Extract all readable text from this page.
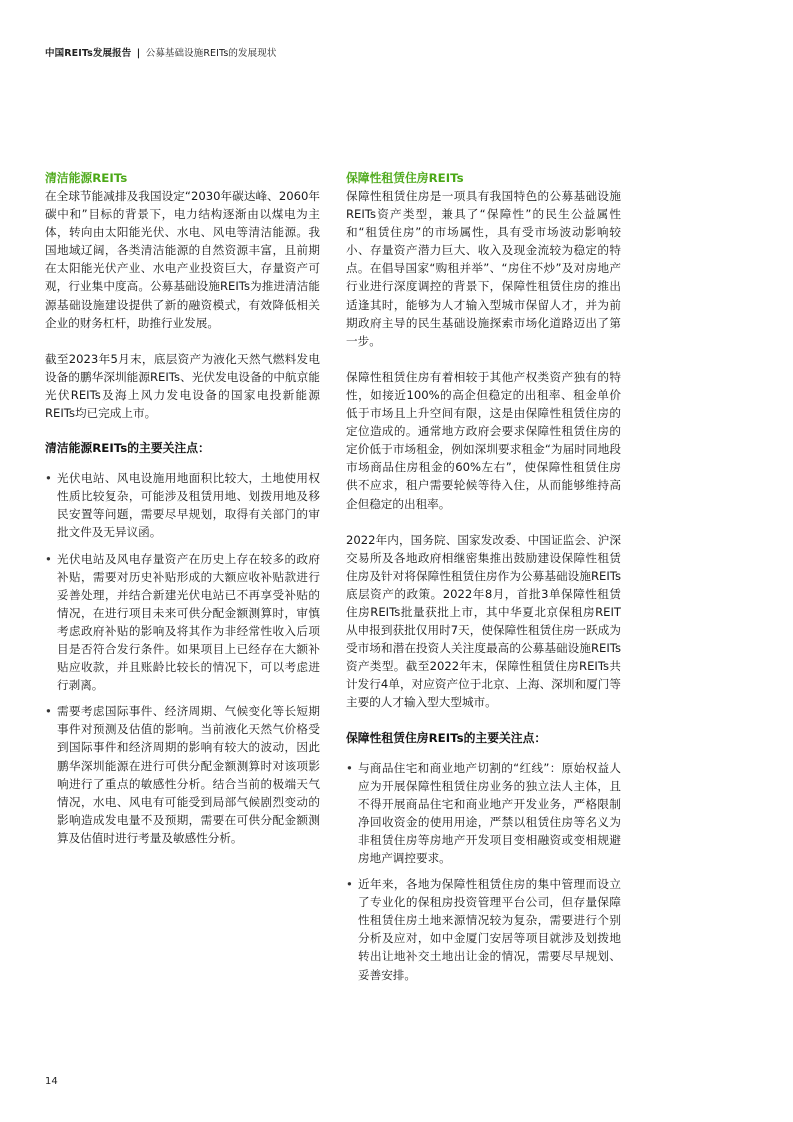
中国REITs发展报告 | 公募基础设施REITs的发展现状
清洁能源REITs

在全球节能减排及我国设定“2030年碳达峰、2060年碳中和”目标的背景下，电力结构逐渐由以煤电为主体，转向由太阳能光伏、水电、风电等清洁能源。我国地域辽阔，各类清洁能源的自然资源丰富，且前期在太阳能光伏产业、水电产业投资巨大，存量资产可观，行业集中度高。公募基础设施REITs为推进清洁能源基础设施建设提供了新的融资模式，有效降低相关企业的财务杠杆，助推行业发展。

截至2023年5月末，底层资产为液化天然气燃料发电设备的鹏华深圳能源REITs、光伏发电设备的中航京能光伏REITs及海上风力发电设备的国家电投新能源REITs均已完成上市。

清洁能源REITs的主要关注点：
• 光伏电站、风电设施用地面积比较大，土地使用权性质比较复杂，可能涉及租赁用地、划拨用地及移民安置等问题，需要尽早规划，取得有关部门的审批文件及无异议函。
• 光伏电站及风电存量资产在历史上存在较多的政府补贴，需要对历史补贴形成的大额应收补贴款进行妥善处理，并结合新建光伏电站已不再享受补贴的情况，在进行项目未来可供分配金额测算时，审慎考虑政府补贴的影响及将其作为非经常性收入后项目是否符合发行条件。如果项目上已经存在大额补贴应收款，并且账龄比较长的情况下，可以考虑进行剥离。
• 需要考虑国际事件、经济周期、气候变化等长短期事件对预测及估值的影响。当前液化天然气价格受到国际事件和经济周期的影响有较大的波动，因此鹏华深圳能源在进行可供分配金额测算时对该项影响进行了重点的敏感性分析。结合当前的极端天气情况，水电、风电有可能受到局部气候剧烈变动的影响造成发电量不及预期，需要在可供分配金额测算及估值时进行考量及敏感性分析。
保障性租赁住房REITs

保障性租赁住房是一项具有我国特色的公募基础设施REITs资产类型，兼具了“保障性”的民生公益属性和“租赁住房”的市场属性，具有受市场波动影响较小、存量资产潜力巨大、收入及现金流较为稳定的特点。在倡导国家“购租并举”、“房住不炒”及对房地产行业进行深度调控的背景下，保障性租赁住房的推出适逢其时，能够为人才输入型城市保留人才，并为前期政府主导的民生基础设施探索市场化道路迈出了第一步。

保障性租赁住房有着相较于其他产权类资产独有的特性，如接近100%的高企但稳定的出租率、租金单价低于市场且上升空间有限，这是由保障性租赁住房的定位造成的。通常地方政府会要求保障性租赁住房的定价低于市场租金，例如深圳要求租金“为届时同地段市场商品住房租金的60%左右”，使保障性租赁住房供不应求，租户需要轮候等待入住，从而能够维持高企但稳定的出租率。

2022年内，国务院、国家发改委、中国证监会、沪深交易所及各地政府相继密集推出鼓励建设保障性租赁住房及针对将保障性租赁住房作为公募基础设施REITs底层资产的政策。2022年8月，首批3单保障性租赁住房REITs批量获批上市，其中华夏北京保租房REIT从申报到获批仅用时7天，使保障性租赁住房一跃成为受市场和潜在投资人关注度最高的公募基础设施REITs资产类型。截至2022年末，保障性租赁住房REITs共计发行4单，对应资产位于北京、上海、深圳和厦门等主要的人才输入型大型城市。

保障性租赁住房REITs的主要关注点：
• 与商品住宅和商业地产切割的“红线”：原始权益人应为开展保障性租赁住房业务的独立法人主体，且不得开展商品住宅和商业地产开发业务，严格限制净回收资金的使用用途，严禁以租赁住房等名义为非租赁住房等房地产开发项目变相融资或变相规避房地产调控要求。
• 近年来，各地为保障性租赁住房的集中管理而设立了专业化的保租房投资管理平台公司，但存量保障性租赁住房土地来源情况较为复杂，需要进行个别分析及应对，如中金厦门安居等项目就涉及划拨地转出让地补交土地出让金的情况，需要尽早规划、妥善安排。
14
